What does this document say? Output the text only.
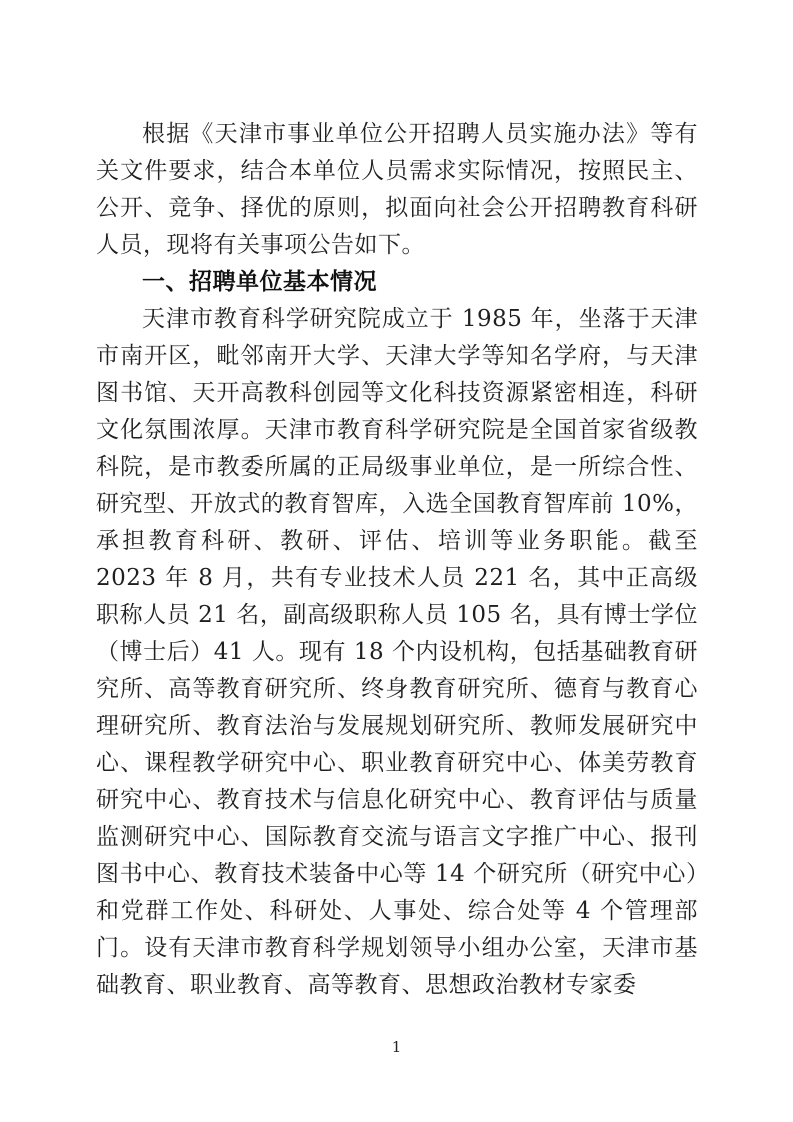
根据《天津市事业单位公开招聘人员实施办法》等有关文件要求，结合本单位人员需求实际情况，按照民主、公开、竞争、择优的原则，拟面向社会公开招聘教育科研人员，现将有关事项公告如下。

一、招聘单位基本情况

天津市教育科学研究院成立于 1985 年，坐落于天津市南开区，毗邻南开大学、天津大学等知名学府，与天津图书馆、天开高教科创园等文化科技资源紧密相连，科研文化氛围浓厚。天津市教育科学研究院是全国首家省级教科院，是市教委所属的正局级事业单位，是一所综合性、研究型、开放式的教育智库，入选全国教育智库前 10%，承担教育科研、教研、评估、培训等业务职能。截至 2023 年 8 月，共有专业技术人员 221 名，其中正高级职称人员 21 名，副高级职称人员 105 名，具有博士学位（博士后）41 人。现有 18 个内设机构，包括基础教育研究所、高等教育研究所、终身教育研究所、德育与教育心理研究所、教育法治与发展规划研究所、教师发展研究中心、课程教学研究中心、职业教育研究中心、体美劳教育研究中心、教育技术与信息化研究中心、教育评估与质量监测研究中心、国际教育交流与语言文字推广中心、报刊图书中心、教育技术装备中心等 14 个研究所（研究中心）和党群工作处、科研处、人事处、综合处等 4 个管理部门。设有天津市教育科学规划领导小组办公室，天津市基础教育、职业教育、高等教育、思想政治教材专家委

1
